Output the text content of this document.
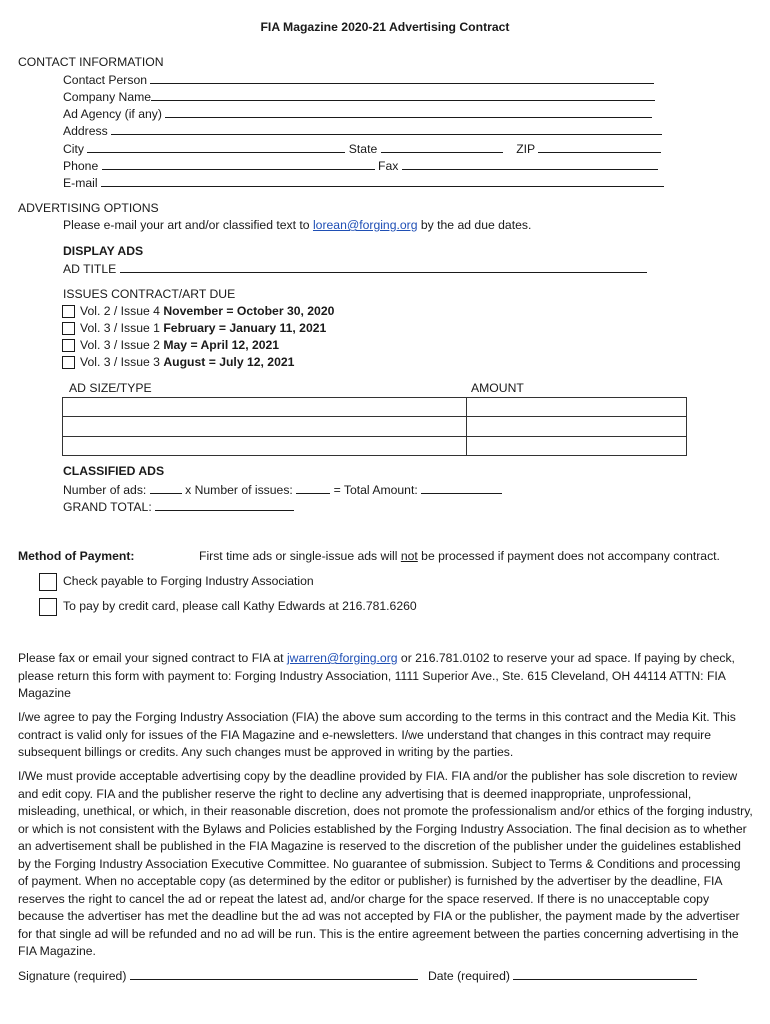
FIA Magazine 2020-21 Advertising Contract
CONTACT INFORMATION
Contact Person
Company Name
Ad Agency (if any)
Address
City	State	ZIP
Phone	Fax
E-mail
ADVERTISING OPTIONS
Please e-mail your art and/or classified text to lorean@forging.org by the ad due dates.
DISPLAY ADS
AD TITLE
ISSUES CONTRACT/ART DUE
Vol. 2 / Issue 4 November = October 30, 2020
Vol. 3 / Issue 1 February = January 11, 2021
Vol. 3 / Issue 2 May = April 12, 2021
Vol. 3 / Issue 3 August = July 12, 2021
AD SIZE/TYPE	AMOUNT
CLASSIFIED ADS
Number of ads:	x Number of issues:	= Total Amount:
GRAND TOTAL:
Method of Payment:	First time ads or single-issue ads will not be processed if payment does not accompany contract.
Check payable to Forging Industry Association
To pay by credit card, please call Kathy Edwards at 216.781.6260
Please fax or email your signed contract to FIA at jwarren@forging.org or 216.781.0102 to reserve your ad space. If paying by check, please return this form with payment to: Forging Industry Association, 1111 Superior Ave., Ste. 615 Cleveland, OH 44114 ATTN: FIA Magazine
I/we agree to pay the Forging Industry Association (FIA) the above sum according to the terms in this contract and the Media Kit. This contract is valid only for issues of the FIA Magazine and e-newsletters. I/we understand that changes in this contract may require subsequent billings or credits. Any such changes must be approved in writing by the parties.
I/We must provide acceptable advertising copy by the deadline provided by FIA. FIA and/or the publisher has sole discretion to review and edit copy. FIA and the publisher reserve the right to decline any advertising that is deemed inappropriate, unprofessional, misleading, unethical, or which, in their reasonable discretion, does not promote the professionalism and/or ethics of the forging industry, or which is not consistent with the Bylaws and Policies established by the Forging Industry Association. The final decision as to whether an advertisement shall be published in the FIA Magazine is reserved to the discretion of the publisher under the guidelines established by the Forging Industry Association Executive Committee. No guarantee of submission. Subject to Terms & Conditions and processing of payment. When no acceptable copy (as determined by the editor or publisher) is furnished by the advertiser by the deadline, FIA reserves the right to cancel the ad or repeat the latest ad, and/or charge for the space reserved. If there is no unacceptable copy because the advertiser has met the deadline but the ad was not accepted by FIA or the publisher, the payment made by the advertiser for that single ad will be refunded and no ad will be run. This is the entire agreement between the parties concerning advertising in the FIA Magazine.
Signature (required)	Date (required)
